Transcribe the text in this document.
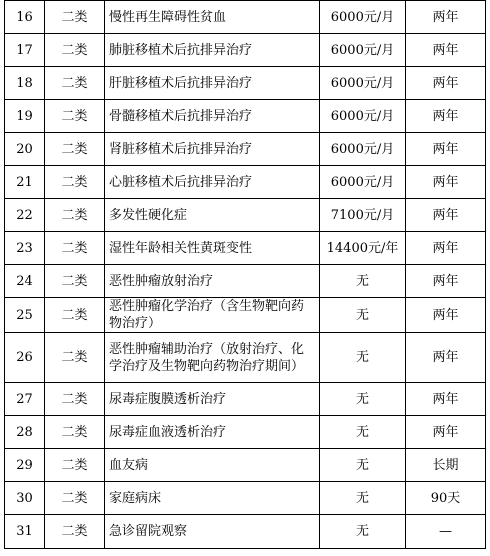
16	二类	慢性再生障碍性贫血	6000元/月	两年
17	二类	肺脏移植术后抗排异治疗	6000元/月	两年
18	二类	肝脏移植术后抗排异治疗	6000元/月	两年
19	二类	骨髓移植术后抗排异治疗	6000元/月	两年
20	二类	肾脏移植术后抗排异治疗	6000元/月	两年
21	二类	心脏移植术后抗排异治疗	6000元/月	两年
22	二类	多发性硬化症	7100元/月	两年
23	二类	湿性年龄相关性黄斑变性	14400元/年	两年
24	二类	恶性肿瘤放射治疗	无	两年
25	二类	恶性肿瘤化学治疗（含生物靶向药物治疗）	无	两年
26	二类	恶性肿瘤辅助治疗（放射治疗、化学治疗及生物靶向药物治疗期间）	无	两年
27	二类	尿毒症腹膜透析治疗	无	两年
28	二类	尿毒症血液透析治疗	无	两年
29	二类	血友病	无	长期
30	二类	家庭病床	无	90天
31	二类	急诊留院观察	无	—
